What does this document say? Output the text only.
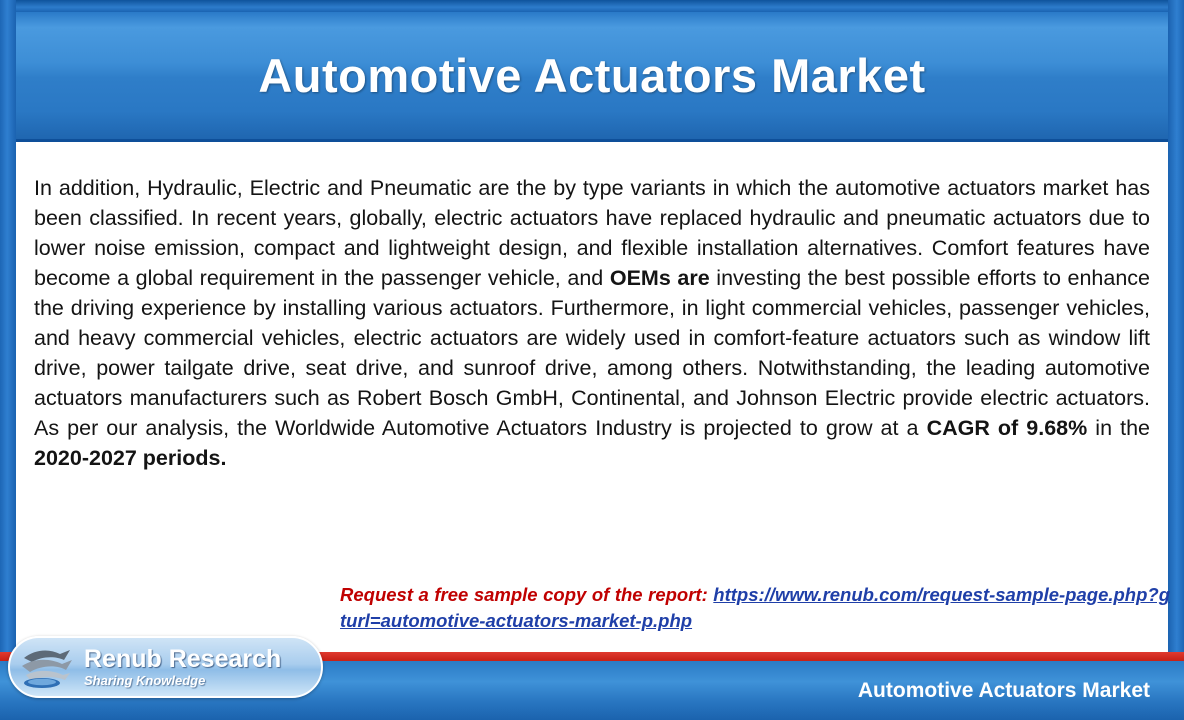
Automotive Actuators Market

In addition, Hydraulic, Electric and Pneumatic are the by type variants in which the automotive actuators market has been classified. In recent years, globally, electric actuators have replaced hydraulic and pneumatic actuators due to lower noise emission, compact and lightweight design, and flexible installation alternatives. Comfort features have become a global requirement in the passenger vehicle, and OEMs are investing the best possible efforts to enhance the driving experience by installing various actuators. Furthermore, in light commercial vehicles, passenger vehicles, and heavy commercial vehicles, electric actuators are widely used in comfort-feature actuators such as window lift drive, power tailgate drive, seat drive, and sunroof drive, among others. Notwithstanding, the leading automotive actuators manufacturers such as Robert Bosch GmbH, Continental, and Johnson Electric provide electric actuators. As per our analysis, the Worldwide Automotive Actuators Industry is projected to grow at a CAGR of 9.68% in the 2020-2027 periods.

Request a free sample copy of the report: https://www.renub.com/request-sample-page.php?gturl=automotive-actuators-market-p.php
Automotive Actuators Market
Renub Research
Sharing Knowledge
